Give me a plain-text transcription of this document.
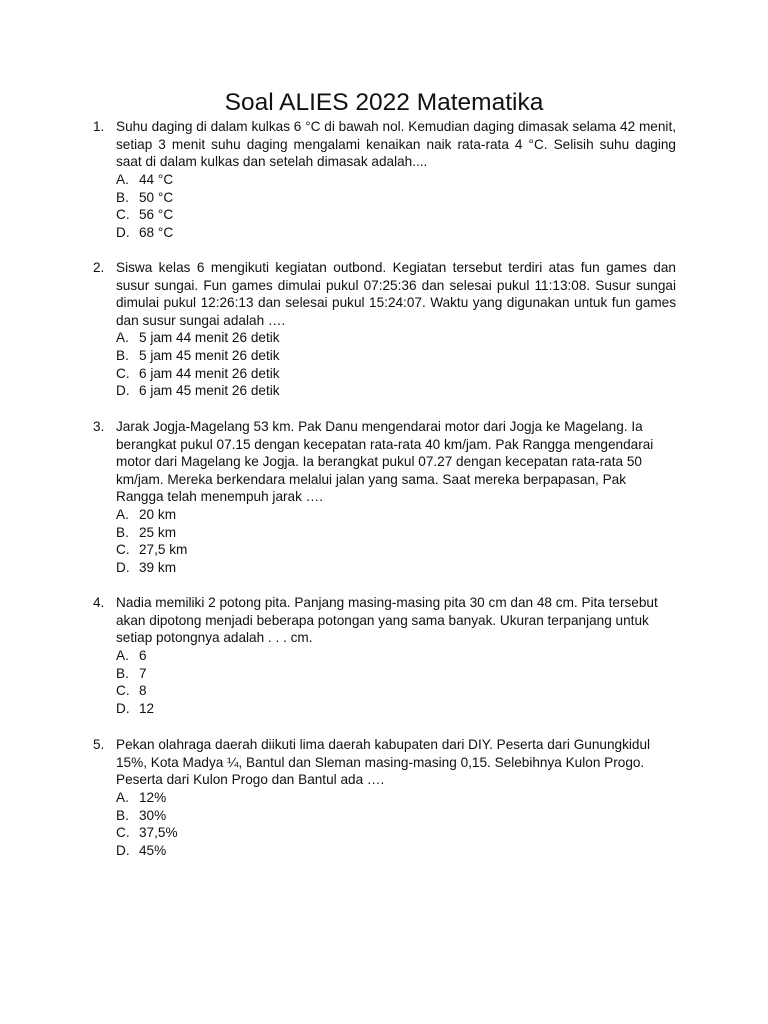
Soal ALIES 2022 Matematika
1. Suhu daging di dalam kulkas 6 °C di bawah nol. Kemudian daging dimasak selama 42 menit, setiap 3 menit suhu daging mengalami kenaikan naik rata-rata 4 °C. Selisih suhu daging saat di dalam kulkas dan setelah dimasak adalah....

A. 44 °C
B. 50 °C
C. 56 °C
D. 68 °C
2. Siswa kelas 6 mengikuti kegiatan outbond. Kegiatan tersebut terdiri atas fun games dan susur sungai. Fun games dimulai pukul 07:25:36 dan selesai pukul 11:13:08. Susur sungai dimulai pukul 12:26:13 dan selesai pukul 15:24:07. Waktu yang digunakan untuk fun games dan susur sungai adalah ….

A. 5 jam 44 menit 26 detik
B. 5 jam 45 menit 26 detik
C. 6 jam 44 menit 26 detik
D. 6 jam 45 menit 26 detik
3. Jarak Jogja-Magelang 53 km. Pak Danu mengendarai motor dari Jogja ke Magelang. Ia berangkat pukul 07.15 dengan kecepatan rata-rata 40 km/jam. Pak Rangga mengendarai motor dari Magelang ke Jogja. Ia berangkat pukul 07.27 dengan kecepatan rata-rata 50 km/jam. Mereka berkendara melalui jalan yang sama. Saat mereka berpapasan, Pak Rangga telah menempuh jarak ….

A. 20 km
B. 25 km
C. 27,5 km
D. 39 km
4. Nadia memiliki 2 potong pita. Panjang masing-masing pita 30 cm dan 48 cm. Pita tersebut akan dipotong menjadi beberapa potongan yang sama banyak. Ukuran terpanjang untuk setiap potongnya adalah . . . cm.

A. 6
B. 7
C. 8
D. 12
5. Pekan olahraga daerah diikuti lima daerah kabupaten dari DIY. Peserta dari Gunungkidul 15%, Kota Madya ¼, Bantul dan Sleman masing-masing 0,15. Selebihnya Kulon Progo. Peserta dari Kulon Progo dan Bantul ada ….

A. 12%
B. 30%
C. 37,5%
D. 45%
